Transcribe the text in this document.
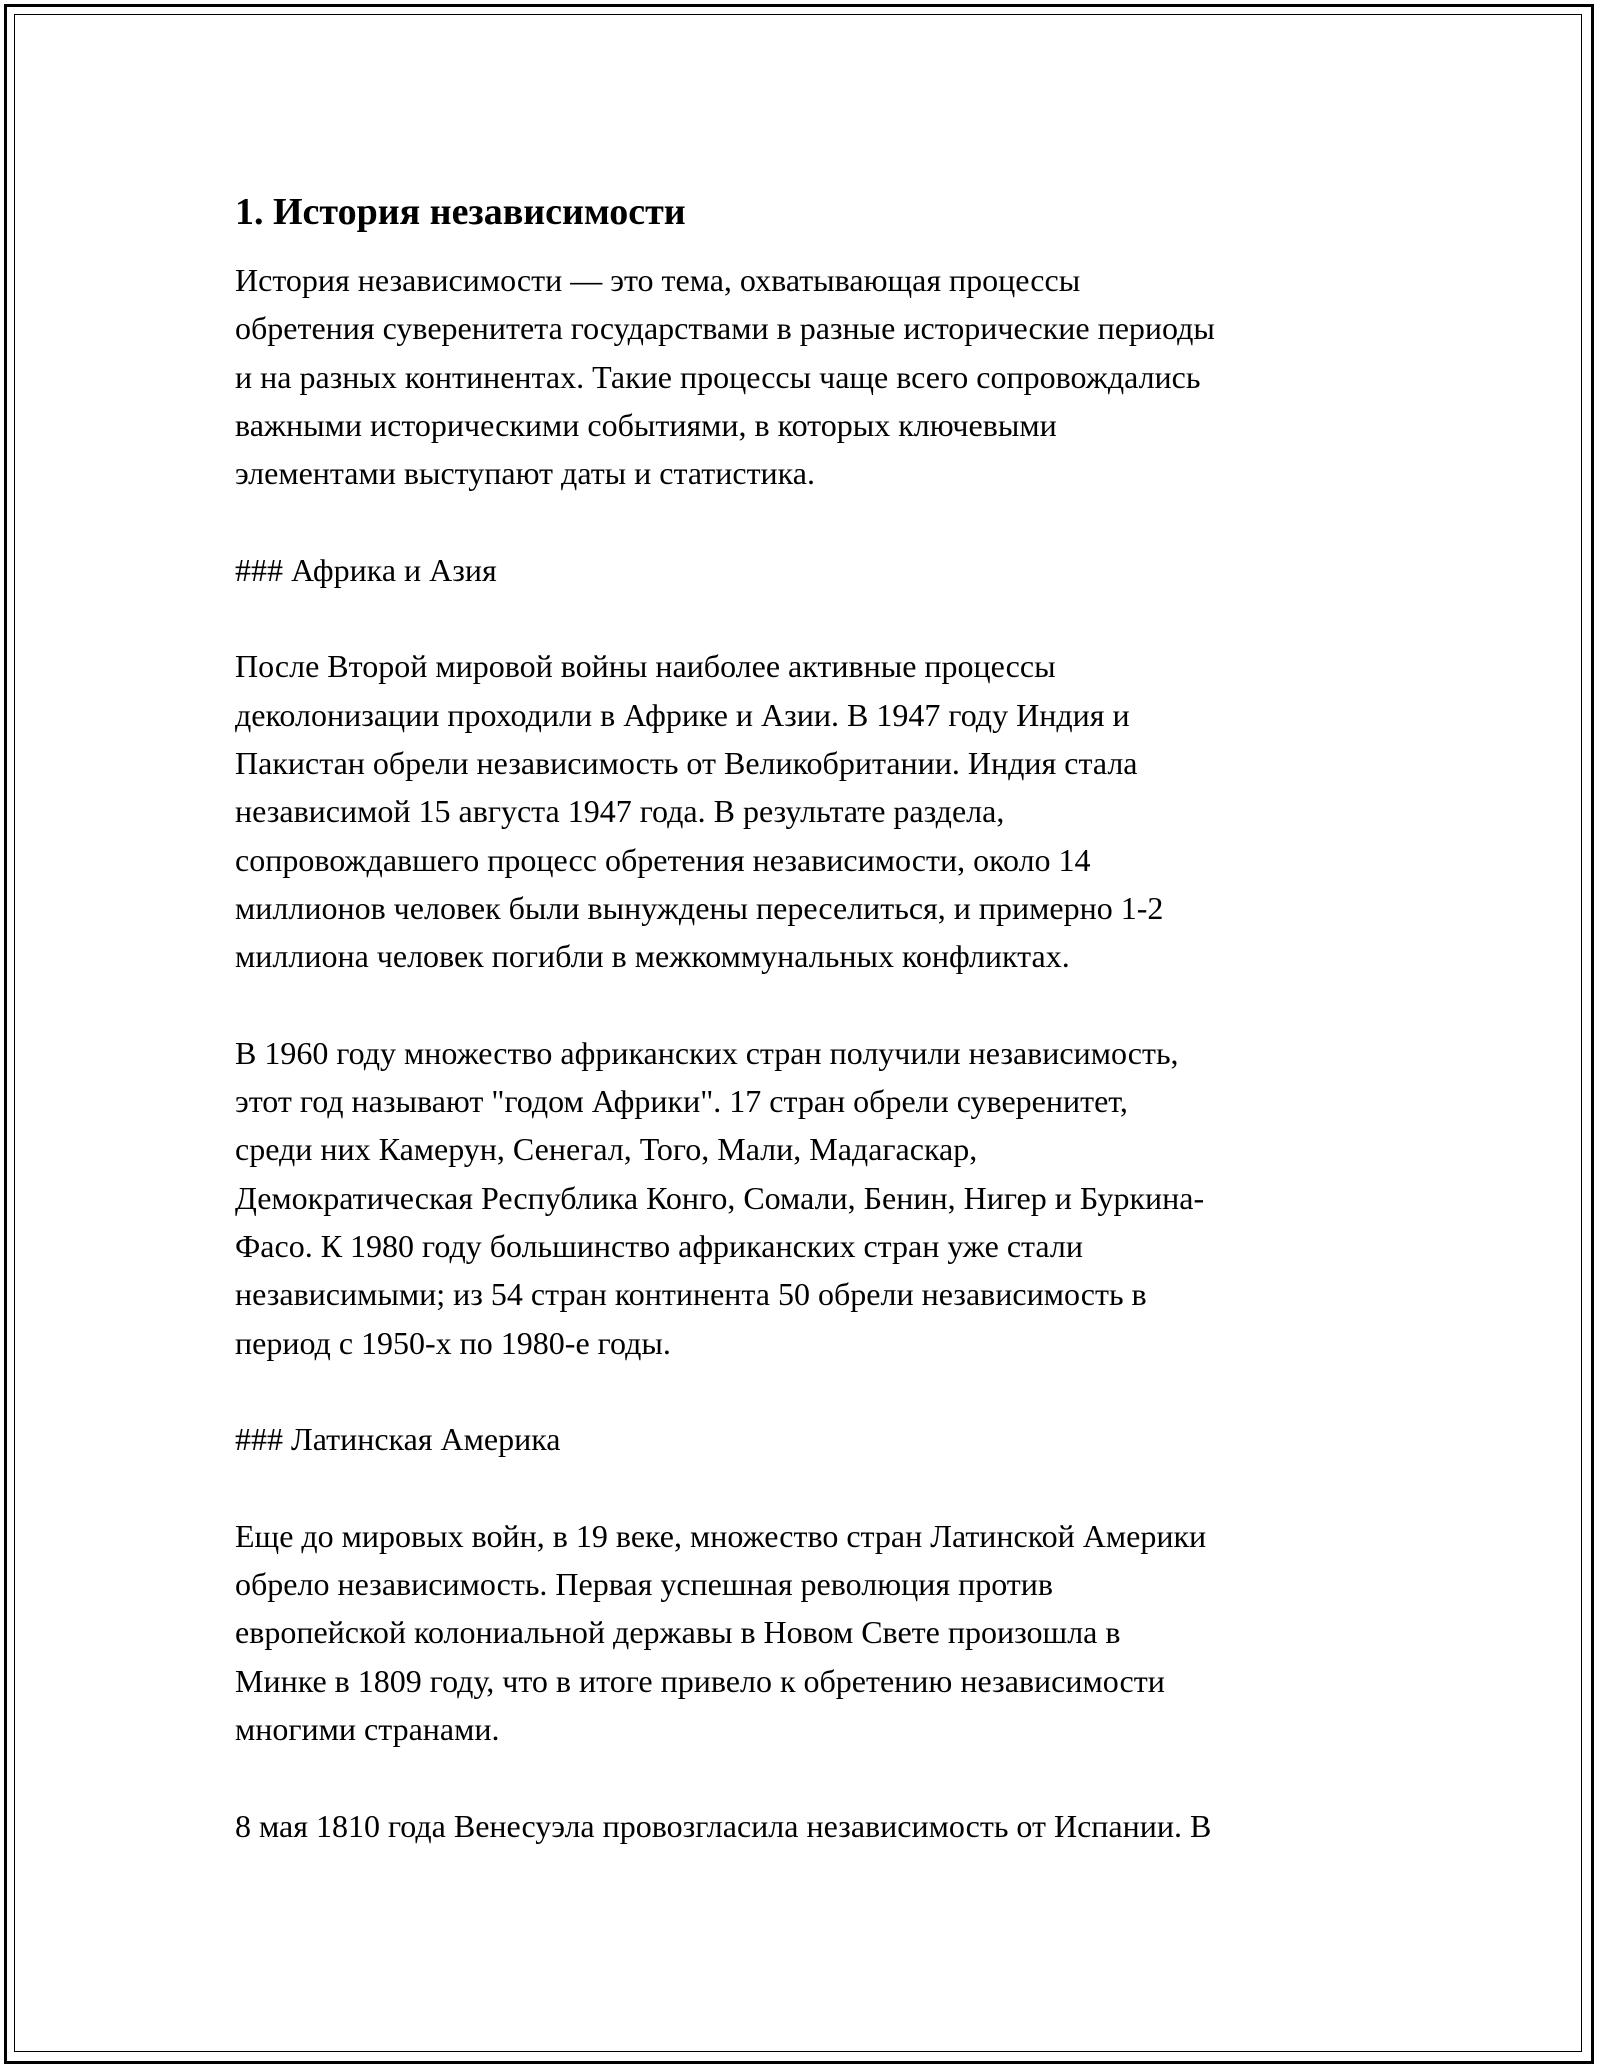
1. История независимости
История независимости — это тема, охватывающая процессы
обретения суверенитета государствами в разные исторические периоды
и на разных континентах. Такие процессы чаще всего сопровождались
важными историческими событиями, в которых ключевыми
элементами выступают даты и статистика.
### Африка и Азия
После Второй мировой войны наиболее активные процессы
деколонизации проходили в Африке и Азии. В 1947 году Индия и
Пакистан обрели независимость от Великобритании. Индия стала
независимой 15 августа 1947 года. В результате раздела,
сопровождавшего процесс обретения независимости, около 14
миллионов человек были вынуждены переселиться, и примерно 1-2
миллиона человек погибли в межкоммунальных конфликтах.
В 1960 году множество африканских стран получили независимость,
этот год называют "годом Африки". 17 стран обрели суверенитет,
среди них Камерун, Сенегал, Того, Мали, Мадагаскар,
Демократическая Республика Конго, Сомали, Бенин, Нигер и Буркина-
Фасо. К 1980 году большинство африканских стран уже стали
независимыми; из 54 стран континента 50 обрели независимость в
период с 1950-х по 1980-е годы.
### Латинская Америка
Еще до мировых войн, в 19 веке, множество стран Латинской Америки
обрело независимость. Первая успешная революция против
европейской колониальной державы в Новом Свете произошла в
Минке в 1809 году, что в итоге привело к обретению независимости
многими странами.
8 мая 1810 года Венесуэла провозгласила независимость от Испании. В
